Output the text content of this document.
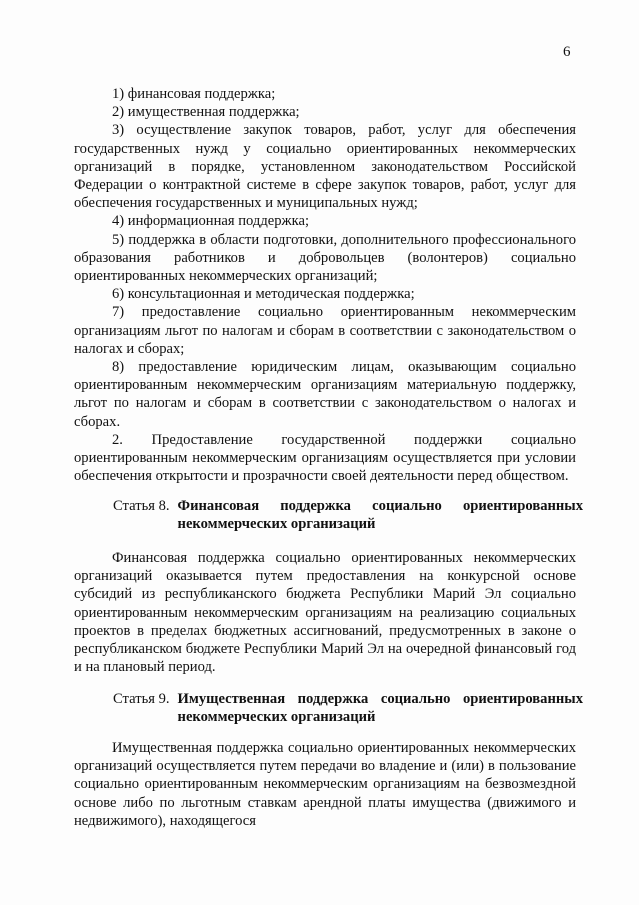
6

1) финансовая поддержка;

2) имущественная поддержка;

3) осуществление закупок товаров, работ, услуг для обеспечения государственных нужд у социально ориентированных некоммерческих организаций в порядке, установленном законодательством Российской Федерации о контрактной системе в сфере закупок товаров, работ, услуг для обеспечения государственных и муниципальных нужд;

4) информационная поддержка;

5) поддержка в области подготовки, дополнительного профессионального образования работников и добровольцев (волонтеров) социально ориентированных некоммерческих организаций;

6) консультационная и методическая поддержка;

7) предоставление социально ориентированным некоммерческим организациям льгот по налогам и сборам в соответствии с законодательством о налогах и сборах;

8) предоставление юридическим лицам, оказывающим социально ориентированным некоммерческим организациям материальную поддержку, льгот по налогам и сборам в соответствии с законодательством о налогах и сборах.

2. Предоставление государственной поддержки социально ориентированным некоммерческим организациям осуществляется при условии обеспечения открытости и прозрачности своей деятельности перед обществом.

Статья 8. Финансовая поддержка социально ориентированных некоммерческих организаций

Финансовая поддержка социально ориентированных некоммерческих организаций оказывается путем предоставления на конкурсной основе субсидий из республиканского бюджета Республики Марий Эл социально ориентированным некоммерческим организациям на реализацию социальных проектов в пределах бюджетных ассигнований, предусмотренных в законе о республиканском бюджете Республики Марий Эл на очередной финансовый год и на плановый период.

Статья 9. Имущественная поддержка социально ориентированных некоммерческих организаций

Имущественная поддержка социально ориентированных некоммерческих организаций осуществляется путем передачи во владение и (или) в пользование социально ориентированным некоммерческим организациям на безвозмездной основе либо по льготным ставкам арендной платы имущества (движимого и недвижимого), находящегося
